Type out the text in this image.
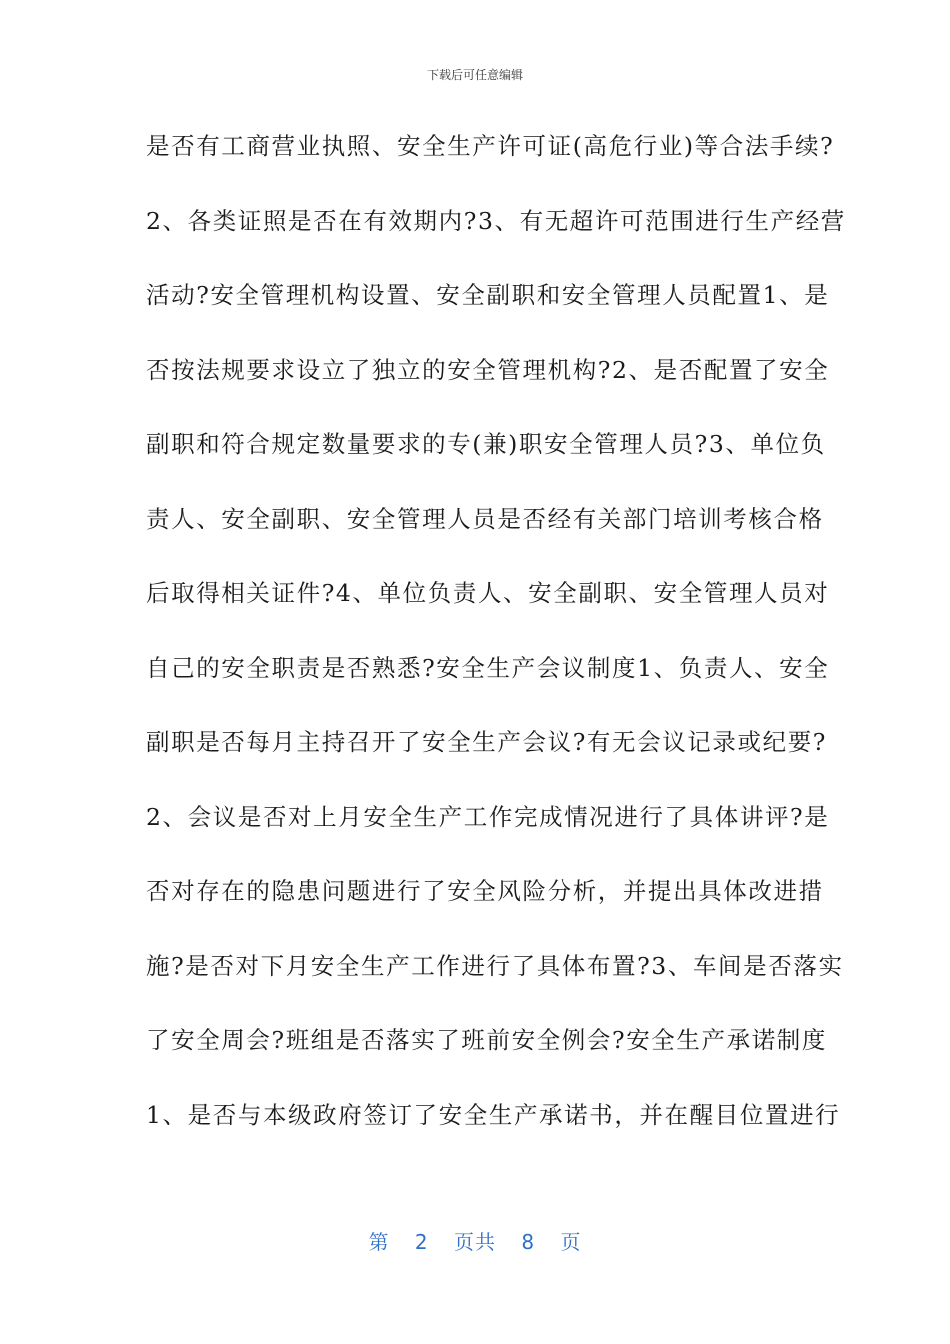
下载后可任意编辑
是否有工商营业执照、安全生产许可证(高危行业)等合法手续?
2、各类证照是否在有效期内?3、有无超许可范围进行生产经营
活动?安全管理机构设置、安全副职和安全管理人员配置1、是
否按法规要求设立了独立的安全管理机构?2、是否配置了安全
副职和符合规定数量要求的专(兼)职安全管理人员?3、单位负
责人、安全副职、安全管理人员是否经有关部门培训考核合格
后取得相关证件?4、单位负责人、安全副职、安全管理人员对
自己的安全职责是否熟悉?安全生产会议制度1、负责人、安全
副职是否每月主持召开了安全生产会议?有无会议记录或纪要?
2、会议是否对上月安全生产工作完成情况进行了具体讲评?是
否对存在的隐患问题进行了安全风险分析，并提出具体改进措
施?是否对下月安全生产工作进行了具体布置?3、车间是否落实
了安全周会?班组是否落实了班前安全例会?安全生产承诺制度
1、是否与本级政府签订了安全生产承诺书，并在醒目位置进行
第 2 页共 8 页
